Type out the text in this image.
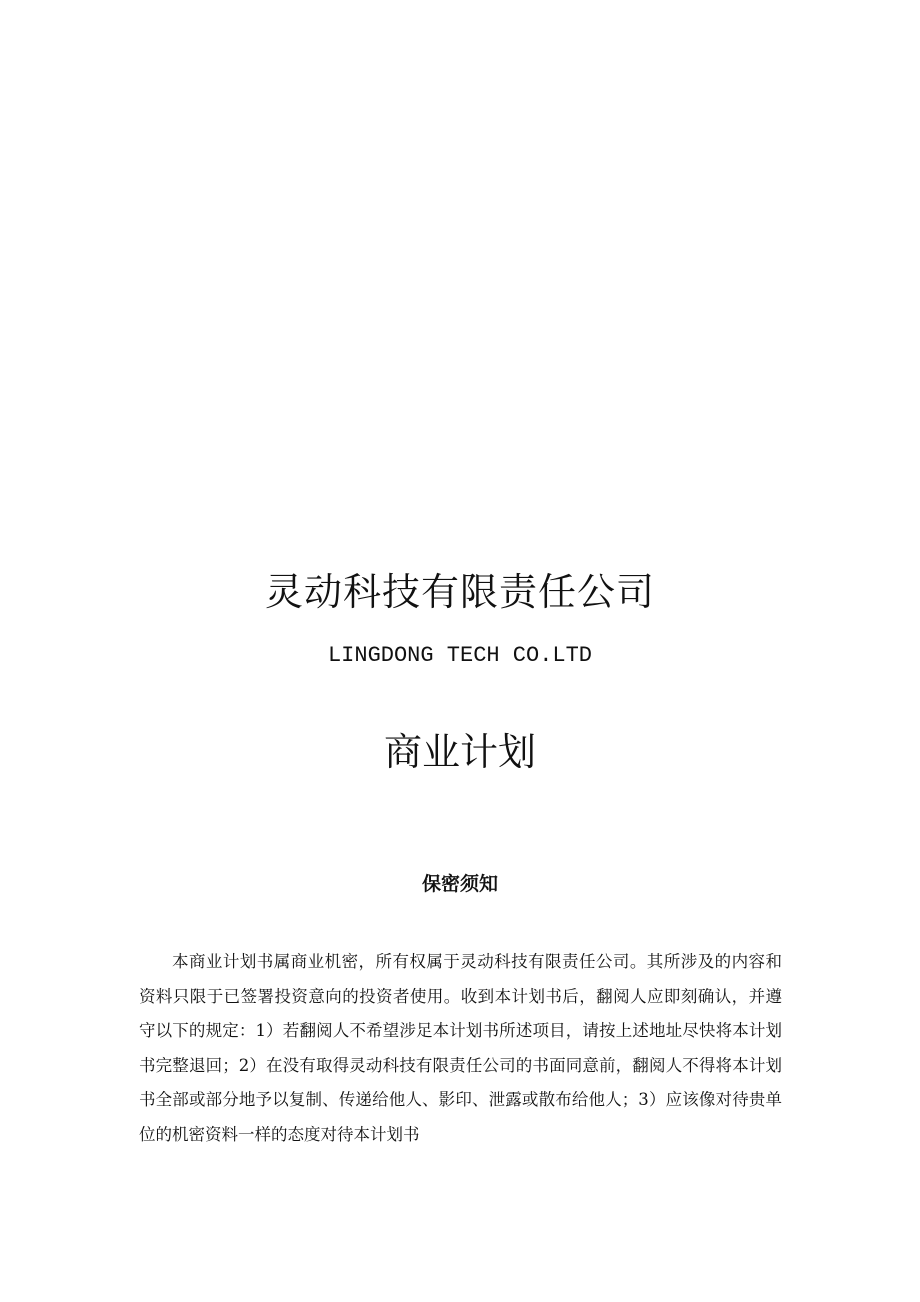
灵动科技有限责任公司

LINGDONG TECH CO.LTD

商业计划
保密须知

本商业计划书属商业机密，所有权属于灵动科技有限责任公司。其所涉及的内容和资料只限于已签署投资意向的投资者使用。收到本计划书后，翻阅人应即刻确认，并遵守以下的规定：1）若翻阅人不希望涉足本计划书所述项目，请按上述地址尽快将本计划书完整退回；2）在没有取得灵动科技有限责任公司的书面同意前，翻阅人不得将本计划书全部或部分地予以复制、传递给他人、影印、泄露或散布给他人；3）应该像对待贵单位的机密资料一样的态度对待本计划书
